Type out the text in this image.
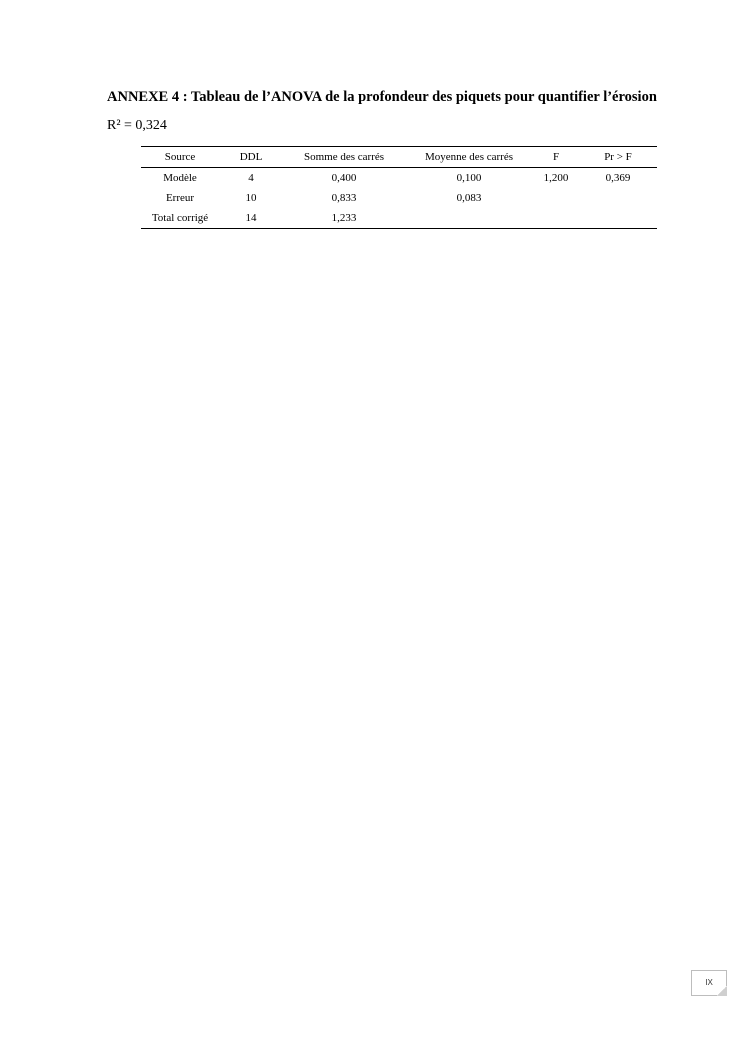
ANNEXE 4 : Tableau de l’ANOVA de la profondeur des piquets pour quantifier l’érosion
R² = 0,324
Source	DDL	Somme des carrés	Moyenne des carrés	F	Pr > F
Modèle	4	0,400	0,100	1,200	0,369
Erreur	10	0,833	0,083		
Total corrigé	14	1,233			
IX
